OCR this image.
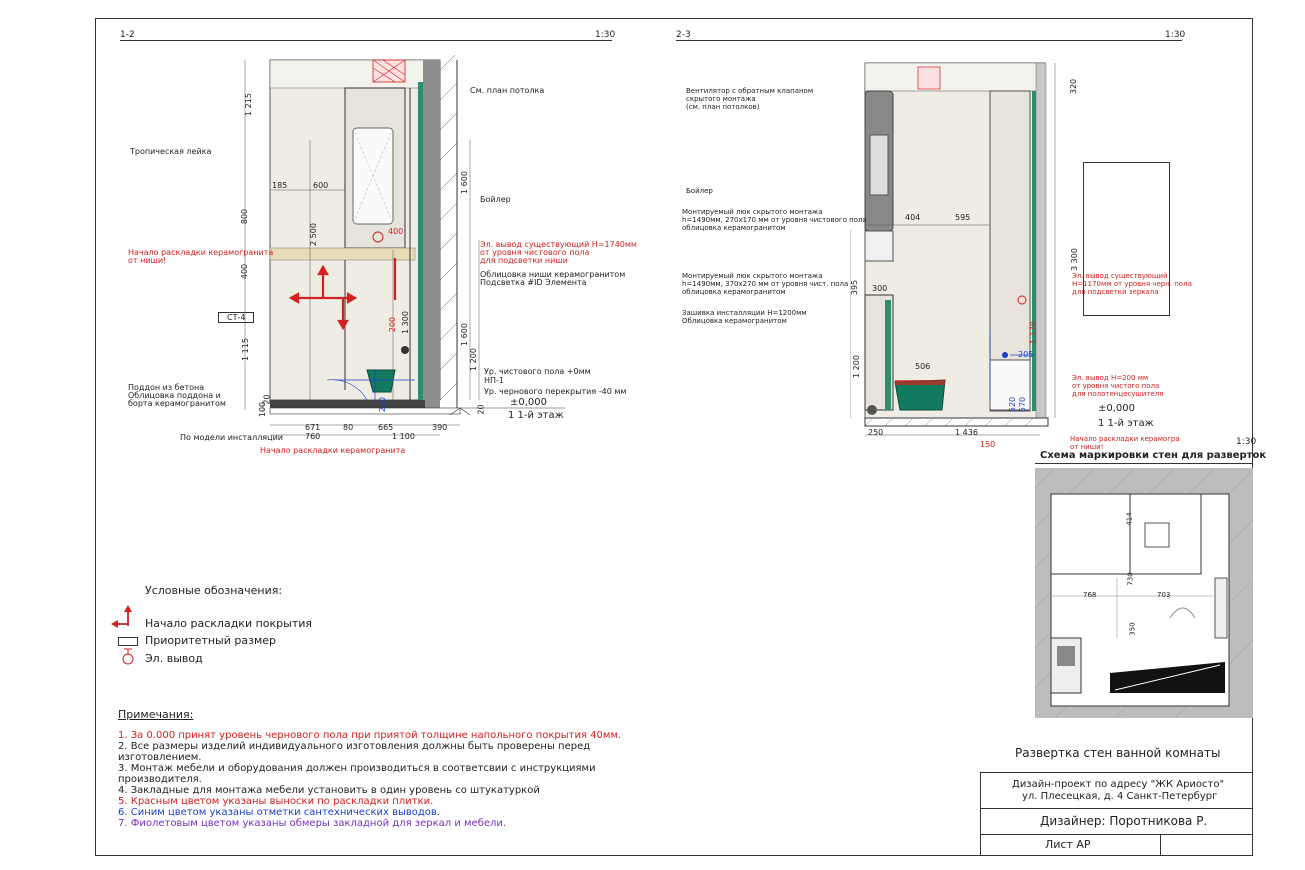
1-2	1:30
См. план потолка
Тропическая лейка
Бойлер
Эл. вывод существующий Н=1740мм
от уровня чистового пола
для подсветки ниши
Начало раскладки керамогранита
от ниши!
Облицовка ниши керамогранитом
Подсветка #ID Элемента
Ур. чистового пола +0мм
НП-1
Ур. чернового перекрытия -40 мм
Поддон из бетона
Облицовка поддона и
бортa керамогранитом
По модели инсталляции
Начало раскладки керамогранита
СТ-4
1 215
800
400
1 115
100
20
2 500
1 300
200
200
1 600
1 600
1 200
20
185	600
400
671	80	665
760	1 100
390
±0,000
1 1-й этаж
2-3	1:30
Вентилятор с обратным клапаном
скрытого монтажа
(см. план потолков)
Бойлер
Монтируемый люк скрытого монтажа
h=1490мм, 270х170 мм от уровня чистового пола
облицовка керамогранитом
Монтируемый люк скрытого монтажа
h=1490мм, 370х270 мм от уровня чист. пола
облицовка керамогранитом
Зашивка инсталляции Н=1200мм
Облицовка керамогранитом
Эл. вывод существующий
Н=1170мм от уровня черн. пола
для подсветки зеркала
Эл. вывод Н=200 мм
от уровня чистого пола
для полотенцесушителя
Начало раскладки керамогра
от ниши!
320
3 300
395
1 200
1 170
520 570
404	595
300
506
205
250	1 436
150
±0,000
1 1-й этаж
1:30
Схема маркировки стен для разверток
414
768	703
730
350
Условные обозначения:
Начало раскладки покрытия
Приоритетный размер
Эл. вывод
Примечания:
1. За 0.000 принят уровень чернового пола при приятой толщине напольного покрытия 40мм.
2. Все размеры изделий индивидуального изготовления должны быть проверены перед
изготовлением.
3. Монтаж мебели и оборудования должен производиться в соответсвии с инструкциями
производителя.
4. Закладные для монтажа мебели установить в один уровень со штукатуркой
5. Красным цветом указаны выноски по раскладки плитки.
6. Синим цветом указаны отметки сантехнических выводов.
7. Фиолетовым цветом указаны обмеры закладной для зеркал и мебели.
Развертка стен ванной комнаты
Дизайн-проект по адресу "ЖК Ариосто"
ул. Плесецкая, д. 4 Санкт-Петербург
Дизайнер: Поротникова Р.
Лист АР
